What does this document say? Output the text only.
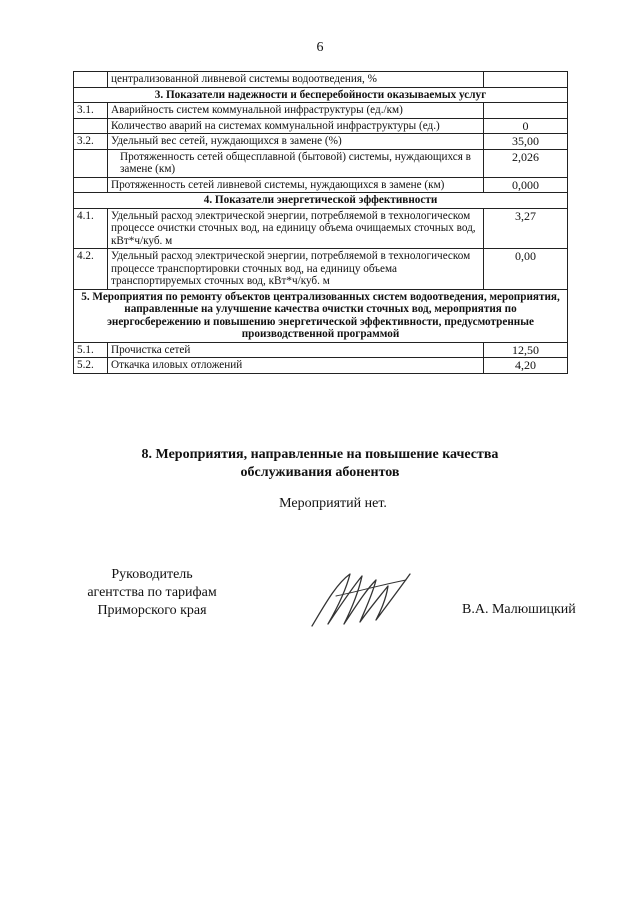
6
	централизованной ливневой системы водоотведения, %	
3. Показатели надежности и бесперебойности оказываемых услуг		
3.1.	Аварийность систем коммунальной инфраструктуры (ед./км)	
	Количество аварий на системах коммунальной инфраструктуры (ед.)	0
3.2.	Удельный вес сетей, нуждающихся в замене (%)	35,00
	Протяженность сетей общесплавной (бытовой) системы, нуждающихся в замене (км)	2,026
	Протяженность сетей ливневой системы, нуждающихся в замене (км)	0,000
4. Показатели энергетической эффективности		
4.1.	Удельный расход электрической энергии, потребляемой в технологическом процессе очистки сточных вод, на единицу объема очищаемых сточных вод, кВт*ч/куб. м	3,27
4.2.	Удельный расход электрической энергии, потребляемой в технологическом процессе транспортировки сточных вод, на единицу объема транспортируемых сточных вод, кВт*ч/куб. м	0,00
5. Мероприятия по ремонту объектов централизованных систем водоотведения, мероприятия, направленные на улучшение качества очистки сточных вод, мероприятия по энергосбережению и повышению энергетической эффективности, предусмотренные производственной программой		
5.1.	Прочистка сетей	12,50
5.2.	Откачка иловых отложений	4,20
8. Мероприятия, направленные на повышение качества
обслуживания абонентов
Мероприятий нет.
Руководитель
агентства по тарифам
Приморского края	В.А. Малюшицкий
